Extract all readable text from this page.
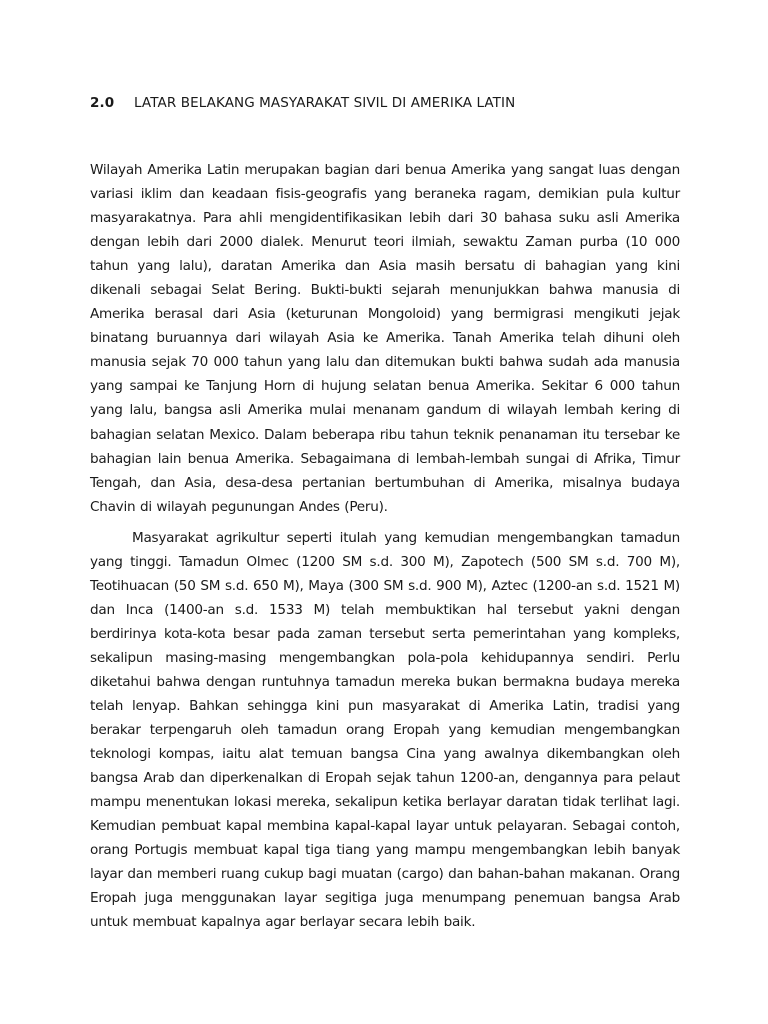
2.0 LATAR BELAKANG MASYARAKAT SIVIL DI AMERIKA LATIN

Wilayah Amerika Latin merupakan bagian dari benua Amerika yang sangat luas dengan variasi iklim dan keadaan fisis-geografis yang beraneka ragam, demikian pula kultur masyarakatnya. Para ahli mengidentifikasikan lebih dari 30 bahasa suku asli Amerika dengan lebih dari 2000 dialek. Menurut teori ilmiah, sewaktu Zaman purba (10 000 tahun yang lalu), daratan Amerika dan Asia masih bersatu di bahagian yang kini dikenali sebagai Selat Bering. Bukti-bukti sejarah menunjukkan bahwa manusia di Amerika berasal dari Asia (keturunan Mongoloid) yang bermigrasi mengikuti jejak binatang buruannya dari wilayah Asia ke Amerika. Tanah Amerika telah dihuni oleh manusia sejak 70 000 tahun yang lalu dan ditemukan bukti bahwa sudah ada manusia yang sampai ke Tanjung Horn di hujung selatan benua Amerika. Sekitar 6 000 tahun yang lalu, bangsa asli Amerika mulai menanam gandum di wilayah lembah kering di bahagian selatan Mexico. Dalam beberapa ribu tahun teknik penanaman itu tersebar ke bahagian lain benua Amerika. Sebagaimana di lembah-lembah sungai di Afrika, Timur Tengah, dan Asia, desa-desa pertanian bertumbuhan di Amerika, misalnya budaya Chavin di wilayah pegunungan Andes (Peru).

Masyarakat agrikultur seperti itulah yang kemudian mengembangkan tamadun yang tinggi. Tamadun Olmec (1200 SM s.d. 300 M), Zapotech (500 SM s.d. 700 M), Teotihuacan (50 SM s.d. 650 M), Maya (300 SM s.d. 900 M), Aztec (1200-an s.d. 1521 M) dan Inca (1400-an s.d. 1533 M) telah membuktikan hal tersebut yakni dengan berdirinya kota-kota besar pada zaman tersebut serta pemerintahan yang kompleks, sekalipun masing-masing mengembangkan pola-pola kehidupannya sendiri. Perlu diketahui bahwa dengan runtuhnya tamadun mereka bukan bermakna budaya mereka telah lenyap. Bahkan sehingga kini pun masyarakat di Amerika Latin, tradisi yang berakar terpengaruh oleh tamadun orang Eropah yang kemudian mengembangkan teknologi kompas, iaitu alat temuan bangsa Cina yang awalnya dikembangkan oleh bangsa Arab dan diperkenalkan di Eropah sejak tahun 1200-an, dengannya para pelaut mampu menentukan lokasi mereka, sekalipun ketika berlayar daratan tidak terlihat lagi. Kemudian pembuat kapal membina kapal-kapal layar untuk pelayaran. Sebagai contoh, orang Portugis membuat kapal tiga tiang yang mampu mengembangkan lebih banyak layar dan memberi ruang cukup bagi muatan (cargo) dan bahan-bahan makanan. Orang Eropah juga menggunakan layar segitiga juga menumpang penemuan bangsa Arab untuk membuat kapalnya agar berlayar secara lebih baik.
